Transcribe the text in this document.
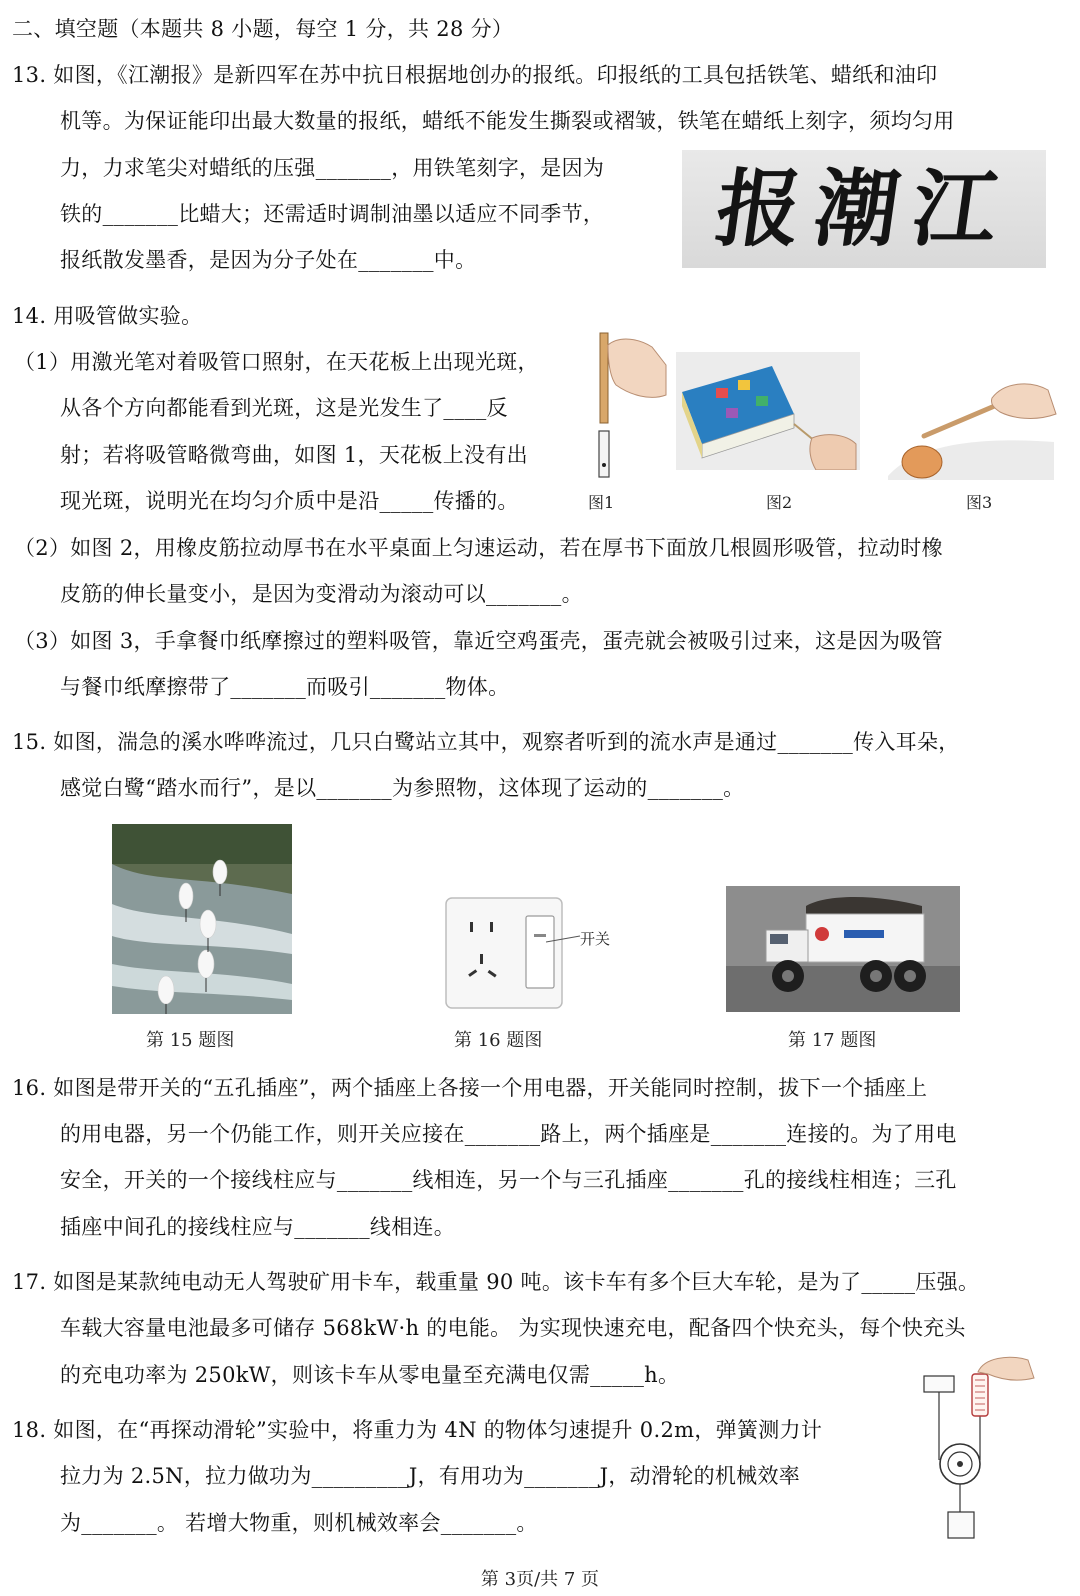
二、填空题（本题共 8 小题，每空 1 分，共 28 分）
13. 如图，《江潮报》是新四军在苏中抗日根据地创办的报纸。印报纸的工具包括铁笔、蜡纸和油印
机等。为保证能印出最大数量的报纸，蜡纸不能发生撕裂或褶皱，铁笔在蜡纸上刻字，须均匀用
力，力求笔尖对蜡纸的压强_______，用铁笔刻字，是因为
铁的_______比蜡大；还需适时调制油墨以适应不同季节，
报纸散发墨香，是因为分子处在_______中。
报潮江
14. 用吸管做实验。
（1）用激光笔对着吸管口照射，在天花板上出现光斑，
从各个方向都能看到光斑，这是光发生了____反
射；若将吸管略微弯曲，如图 1，天花板上没有出
现光斑，说明光在均匀介质中是沿_____传播的。	图1	图2	图3
（2）如图 2，用橡皮筋拉动厚书在水平桌面上匀速运动，若在厚书下面放几根圆形吸管，拉动时橡
皮筋的伸长量变小，是因为变滑动为滚动可以_______。
（3）如图 3，手拿餐巾纸摩擦过的塑料吸管，靠近空鸡蛋壳，蛋壳就会被吸引过来，这是因为吸管
与餐巾纸摩擦带了_______而吸引_______物体。
15. 如图，湍急的溪水哗哗流过，几只白鹭站立其中，观察者听到的流水声是通过_______传入耳朵，
感觉白鹭“踏水而行”，是以_______为参照物，这体现了运动的_______。
第 15 题图
开关
第 16 题图	第 17 题图
16. 如图是带开关的“五孔插座”，两个插座上各接一个用电器，开关能同时控制，拔下一个插座上
的用电器，另一个仍能工作，则开关应接在_______路上，两个插座是_______连接的。为了用电
安全，开关的一个接线柱应与_______线相连，另一个与三孔插座_______孔的接线柱相连；三孔
插座中间孔的接线柱应与_______线相连。
17. 如图是某款纯电动无人驾驶矿用卡车，载重量 90 吨。该卡车有多个巨大车轮，是为了_____压强。
车载大容量电池最多可储存 568kW·h 的电能。 为实现快速充电，配备四个快充头，每个快充头
的充电功率为 250kW，则该卡车从零电量至充满电仅需_____h。
18. 如图，在“再探动滑轮”实验中，将重力为 4N 的物体匀速提升 0.2m，弹簧测力计
拉力为 2.5N，拉力做功为_________J，有用功为_______J，动滑轮的机械效率
为_______。 若增大物重，则机械效率会_______。
第 3页/共 7 页
